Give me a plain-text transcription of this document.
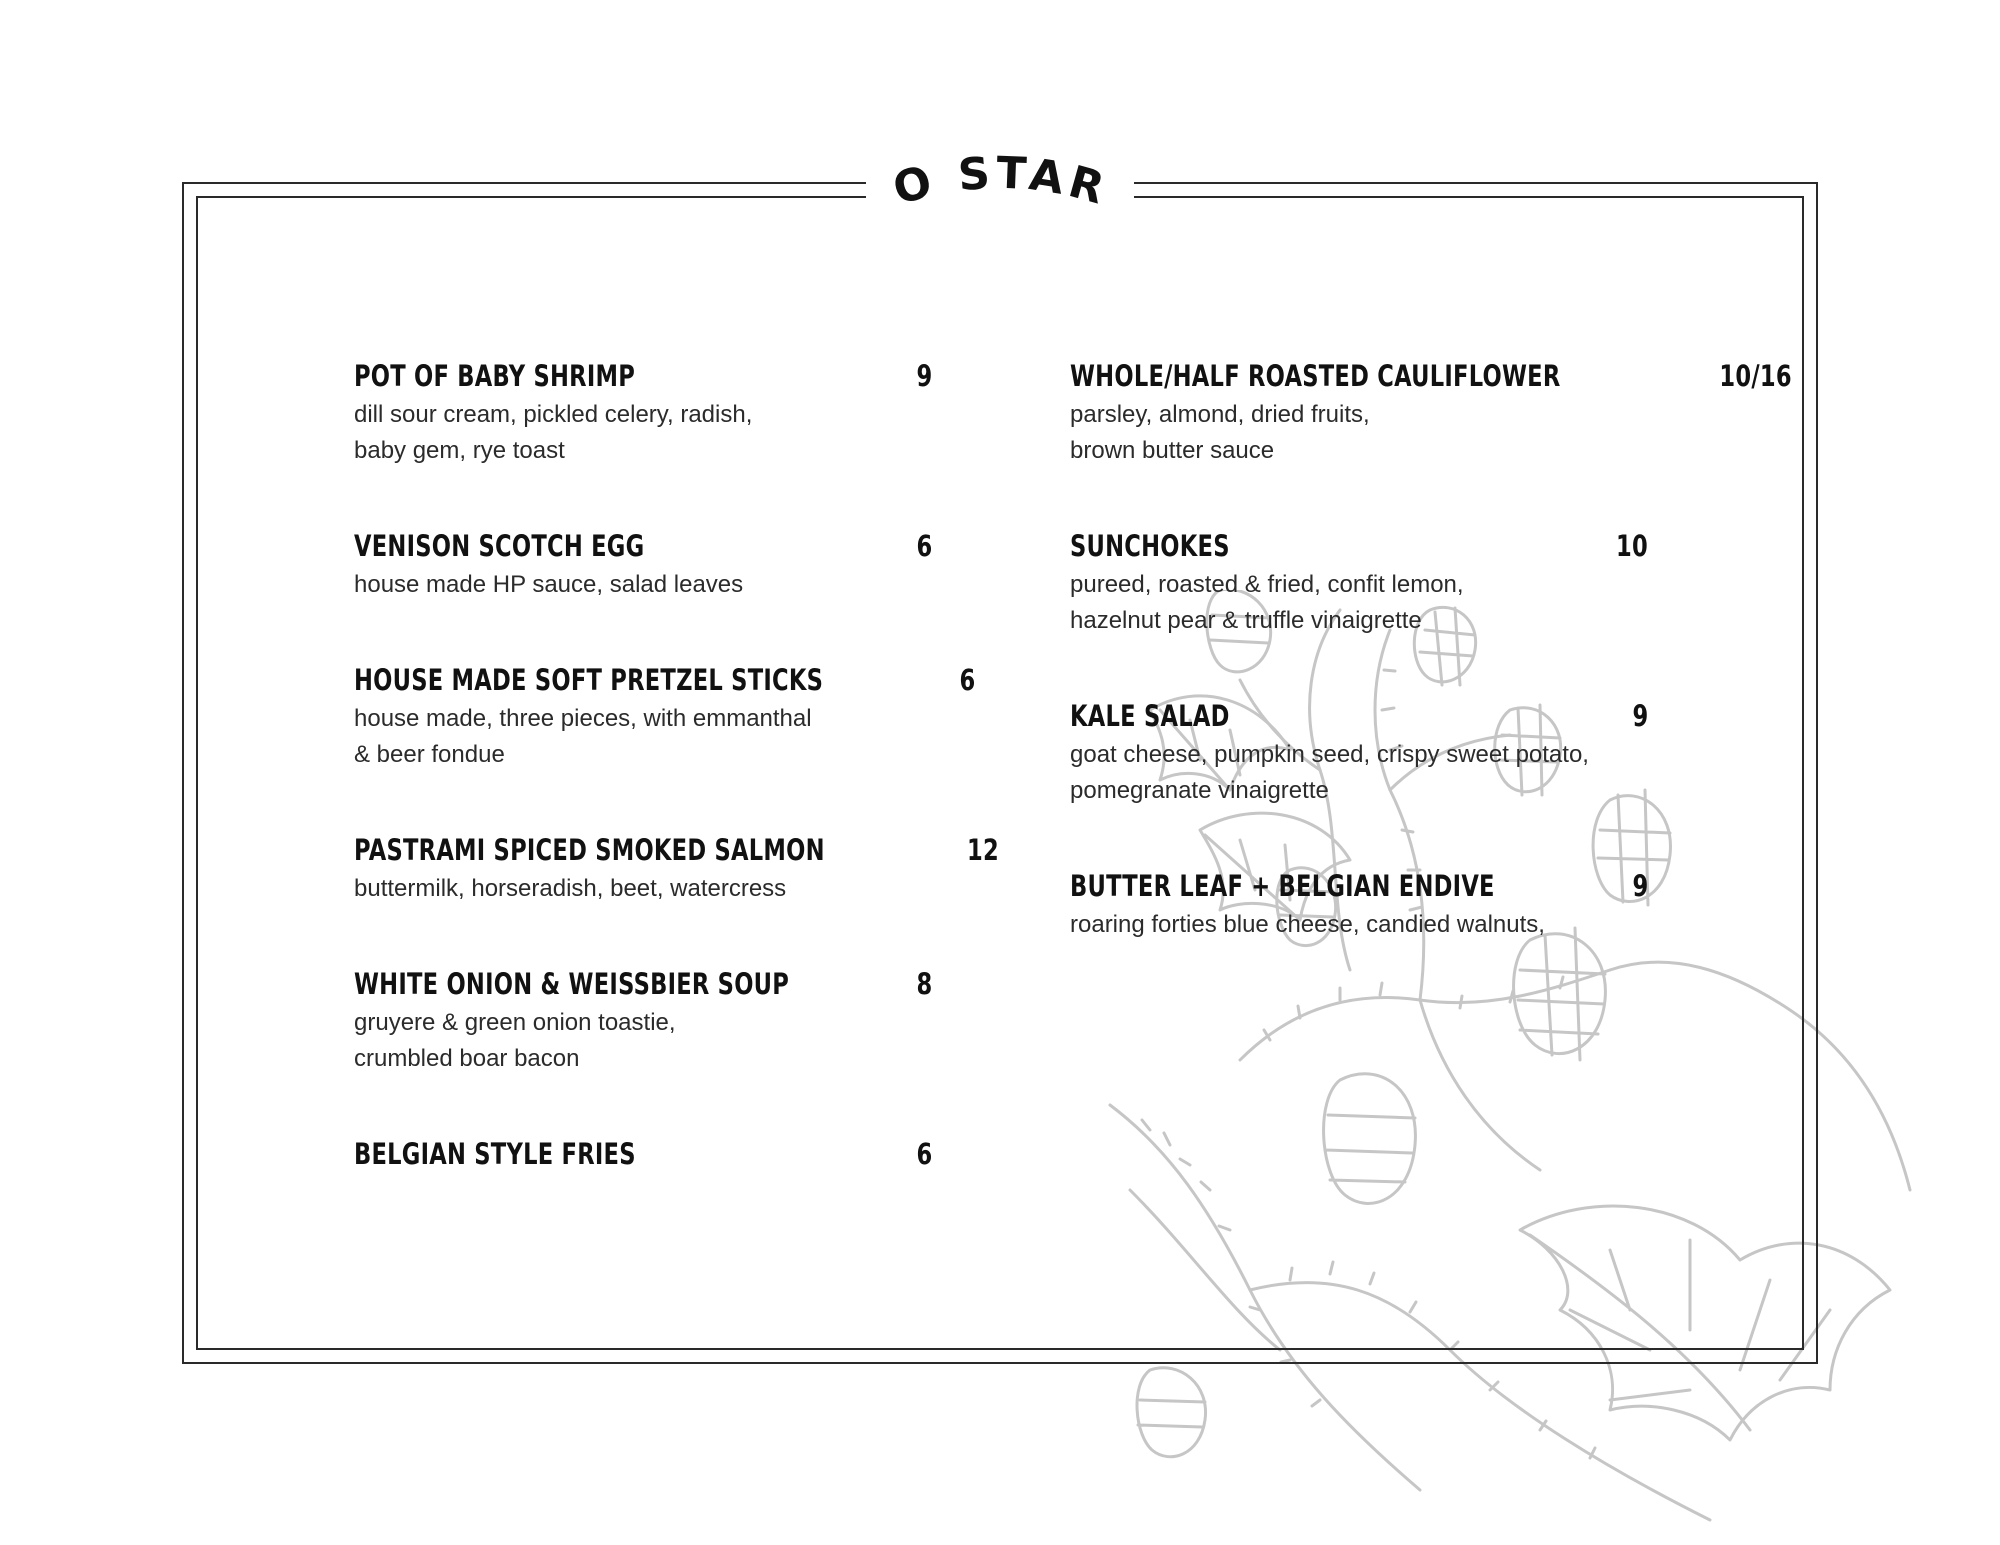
TO START
POT OF BABY SHRIMP	9
dill sour cream, pickled celery, radish,
baby gem, rye toast
VENISON SCOTCH EGG	6
house made HP sauce, salad leaves
HOUSE MADE SOFT PRETZEL STICKS	6
house made, three pieces, with emmanthal
& beer fondue
PASTRAMI SPICED SMOKED SALMON	12
buttermilk, horseradish, beet, watercress
WHITE ONION & WEISSBIER SOUP	8
gruyere & green onion toastie,
crumbled boar bacon
BELGIAN STYLE FRIES	6
WHOLE/HALF ROASTED CAULIFLOWER	10/16
parsley, almond, dried fruits,
brown butter sauce
SUNCHOKES	10
pureed, roasted & fried, confit lemon,
hazelnut pear & truffle vinaigrette
KALE SALAD	9
goat cheese, pumpkin seed, crispy sweet potato,
pomegranate vinaigrette
BUTTER LEAF + BELGIAN ENDIVE	9
roaring forties blue cheese, candied walnuts,
